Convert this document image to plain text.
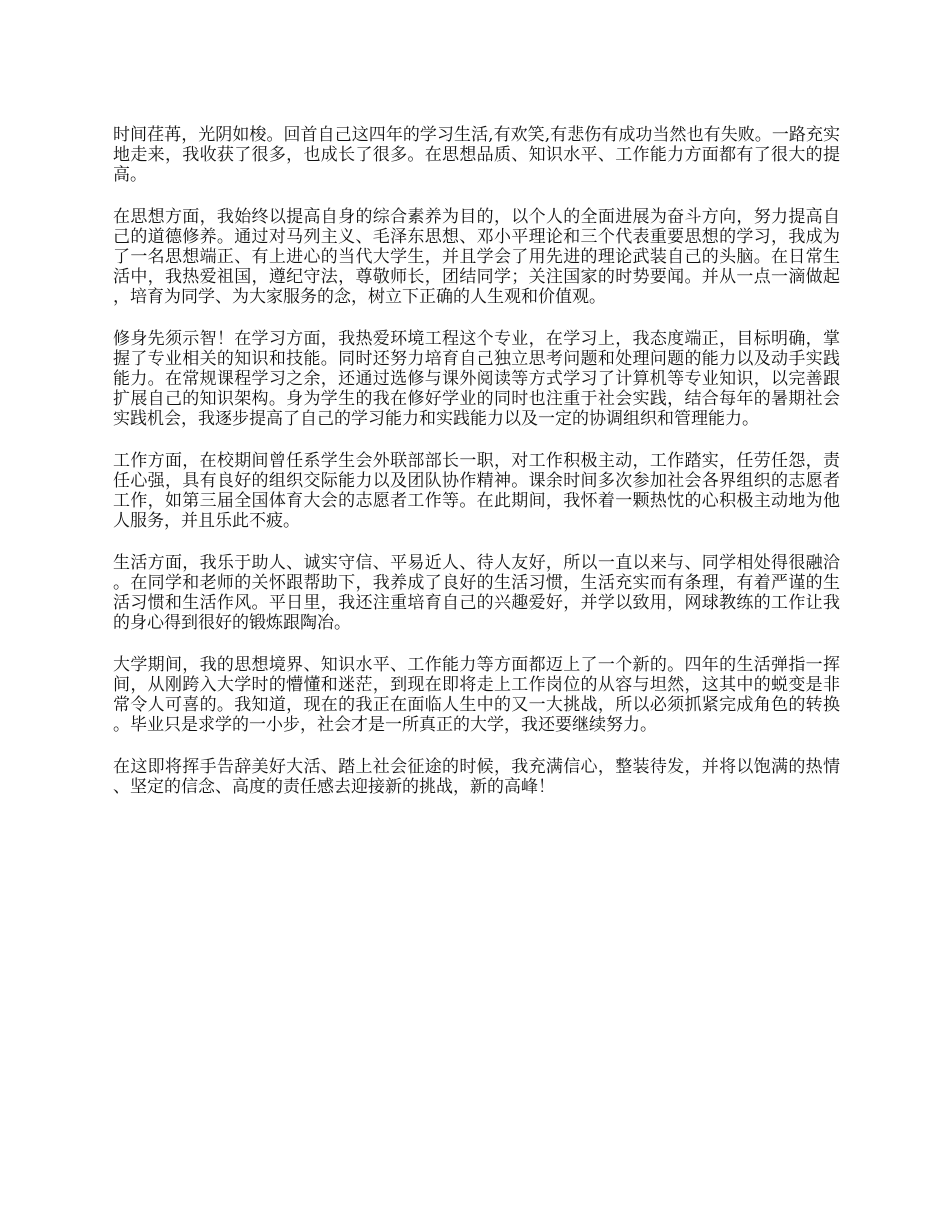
时间荏苒，光阴如梭。回首自己这四年的学习生活,有欢笑,有悲伤有成功当然也有失败。一路充实地走来，我收获了很多，也成长了很多。在思想品质、知识水平、工作能力方面都有了很大的提高。

在思想方面，我始终以提高自身的综合素养为目的，以个人的全面进展为奋斗方向，努力提高自己的道德修养。通过对马列主义、毛泽东思想、邓小平理论和三个代表重要思想的学习，我成为了一名思想端正、有上进心的当代大学生，并且学会了用先进的理论武装自己的头脑。在日常生活中，我热爱祖国，遵纪守法，尊敬师长，团结同学；关注国家的时势要闻。并从一点一滴做起，培育为同学、为大家服务的念，树立下正确的人生观和价值观。

修身先须示智！在学习方面，我热爱环境工程这个专业，在学习上，我态度端正，目标明确，掌握了专业相关的知识和技能。同时还努力培育自己独立思考问题和处理问题的能力以及动手实践能力。在常规课程学习之余，还通过选修与课外阅读等方式学习了计算机等专业知识，以完善跟扩展自己的知识架构。身为学生的我在修好学业的同时也注重于社会实践，结合每年的暑期社会实践机会，我逐步提高了自己的学习能力和实践能力以及一定的协调组织和管理能力。

工作方面，在校期间曾任系学生会外联部部长一职，对工作积极主动，工作踏实，任劳任怨，责任心强，具有良好的组织交际能力以及团队协作精神。课余时间多次参加社会各界组织的志愿者工作，如第三届全国体育大会的志愿者工作等。在此期间，我怀着一颗热忱的心积极主动地为他人服务，并且乐此不疲。

生活方面，我乐于助人、诚实守信、平易近人、待人友好，所以一直以来与、同学相处得很融洽。在同学和老师的关怀跟帮助下，我养成了良好的生活习惯，生活充实而有条理，有着严谨的生活习惯和生活作风。平日里，我还注重培育自己的兴趣爱好，并学以致用，网球教练的工作让我的身心得到很好的锻炼跟陶冶。

大学期间，我的思想境界、知识水平、工作能力等方面都迈上了一个新的。四年的生活弹指一挥间，从刚跨入大学时的懵懂和迷茫，到现在即将走上工作岗位的从容与坦然，这其中的蜕变是非常令人可喜的。我知道，现在的我正在面临人生中的又一大挑战，所以必须抓紧完成角色的转换。毕业只是求学的一小步，社会才是一所真正的大学，我还要继续努力。

在这即将挥手告辞美好大活、踏上社会征途的时候，我充满信心，整装待发，并将以饱满的热情、坚定的信念、高度的责任感去迎接新的挑战，新的高峰！
